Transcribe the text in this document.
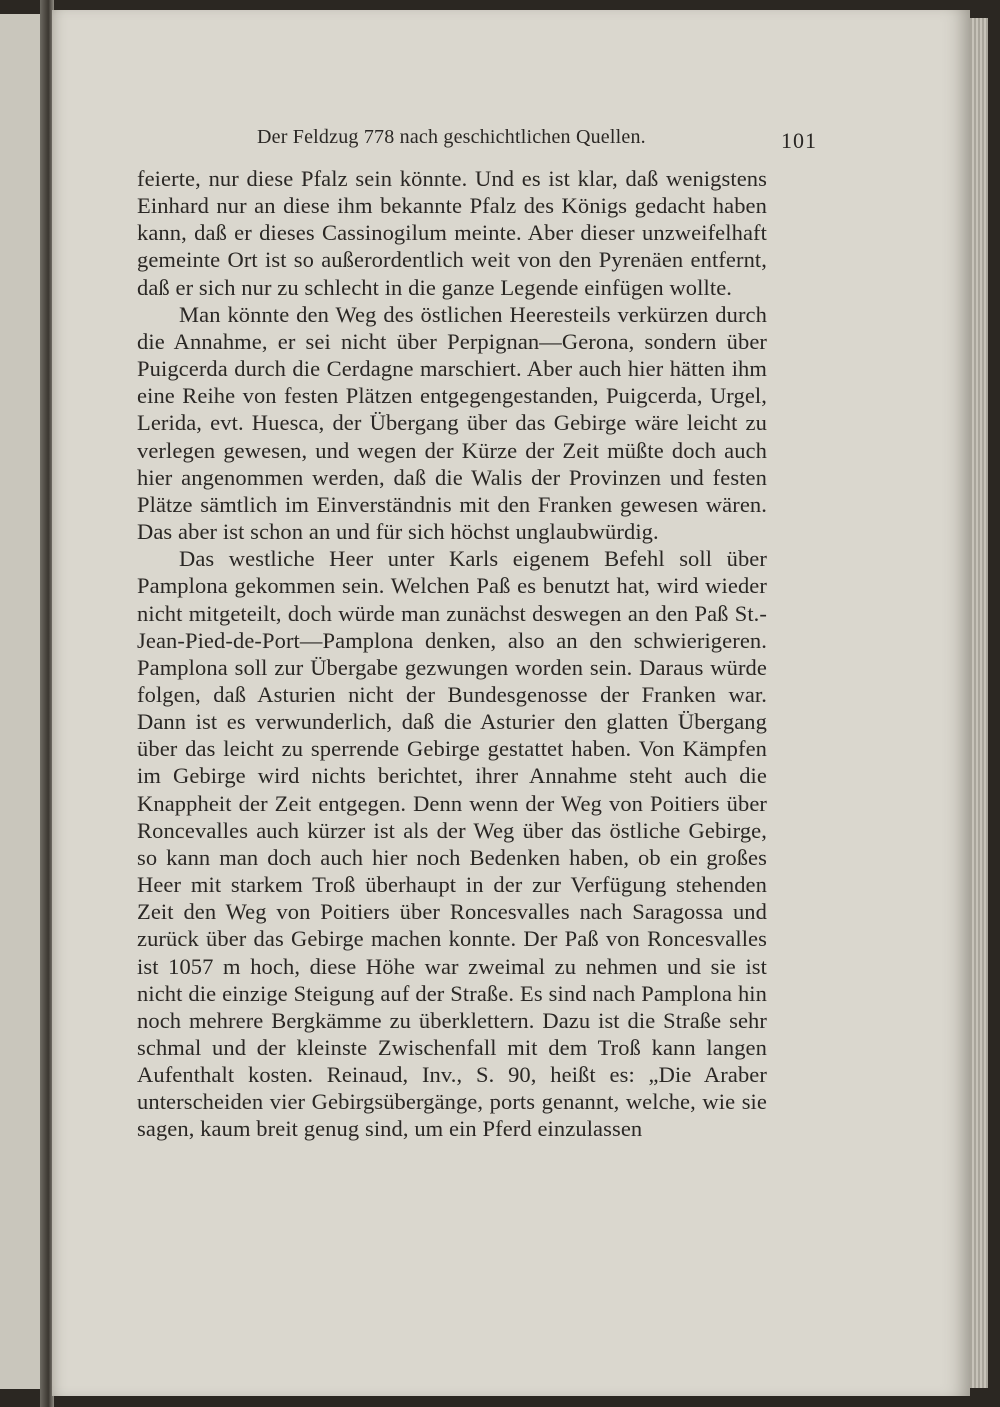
Der Feldzug 778 nach geschichtlichen Quellen.	101

feierte, nur diese Pfalz sein könnte. Und es ist klar, daß wenigstens Einhard nur an diese ihm bekannte Pfalz des Königs gedacht haben kann, daß er dieses Cassinogilum meinte. Aber dieser unzweifelhaft gemeinte Ort ist so außerordentlich weit von den Pyrenäen entfernt, daß er sich nur zu schlecht in die ganze Legende einfügen wollte.

Man könnte den Weg des östlichen Heeresteils verkürzen durch die Annahme, er sei nicht über Perpignan—Gerona, sondern über Puigcerda durch die Cerdagne marschiert. Aber auch hier hätten ihm eine Reihe von festen Plätzen entgegengestanden, Puigcerda, Urgel, Lerida, evt. Huesca, der Übergang über das Gebirge wäre leicht zu verlegen gewesen, und wegen der Kürze der Zeit müßte doch auch hier angenommen werden, daß die Walis der Provinzen und festen Plätze sämtlich im Einverständnis mit den Franken gewesen wären. Das aber ist schon an und für sich höchst unglaubwürdig.

Das westliche Heer unter Karls eigenem Befehl soll über Pamplona gekommen sein. Welchen Paß es benutzt hat, wird wieder nicht mitgeteilt, doch würde man zunächst deswegen an den Paß St.-Jean-Pied-de-Port—Pamplona denken, also an den schwierigeren. Pamplona soll zur Übergabe gezwungen worden sein. Daraus würde folgen, daß Asturien nicht der Bundesgenosse der Franken war. Dann ist es verwunderlich, daß die Asturier den glatten Übergang über das leicht zu sperrende Gebirge gestattet haben. Von Kämpfen im Gebirge wird nichts berichtet, ihrer Annahme steht auch die Knappheit der Zeit entgegen. Denn wenn der Weg von Poitiers über Roncevalles auch kürzer ist als der Weg über das östliche Gebirge, so kann man doch auch hier noch Bedenken haben, ob ein großes Heer mit starkem Troß überhaupt in der zur Verfügung stehenden Zeit den Weg von Poitiers über Roncesvalles nach Saragossa und zurück über das Gebirge machen konnte. Der Paß von Roncesvalles ist 1057 m hoch, diese Höhe war zweimal zu nehmen und sie ist nicht die einzige Steigung auf der Straße. Es sind nach Pamplona hin noch mehrere Bergkämme zu überklettern. Dazu ist die Straße sehr schmal und der kleinste Zwischenfall mit dem Troß kann langen Aufenthalt kosten. Reinaud, Inv., S. 90, heißt es: „Die Araber unterscheiden vier Gebirgsübergänge, ports genannt, welche, wie sie sagen, kaum breit genug sind, um ein Pferd einzulassen
